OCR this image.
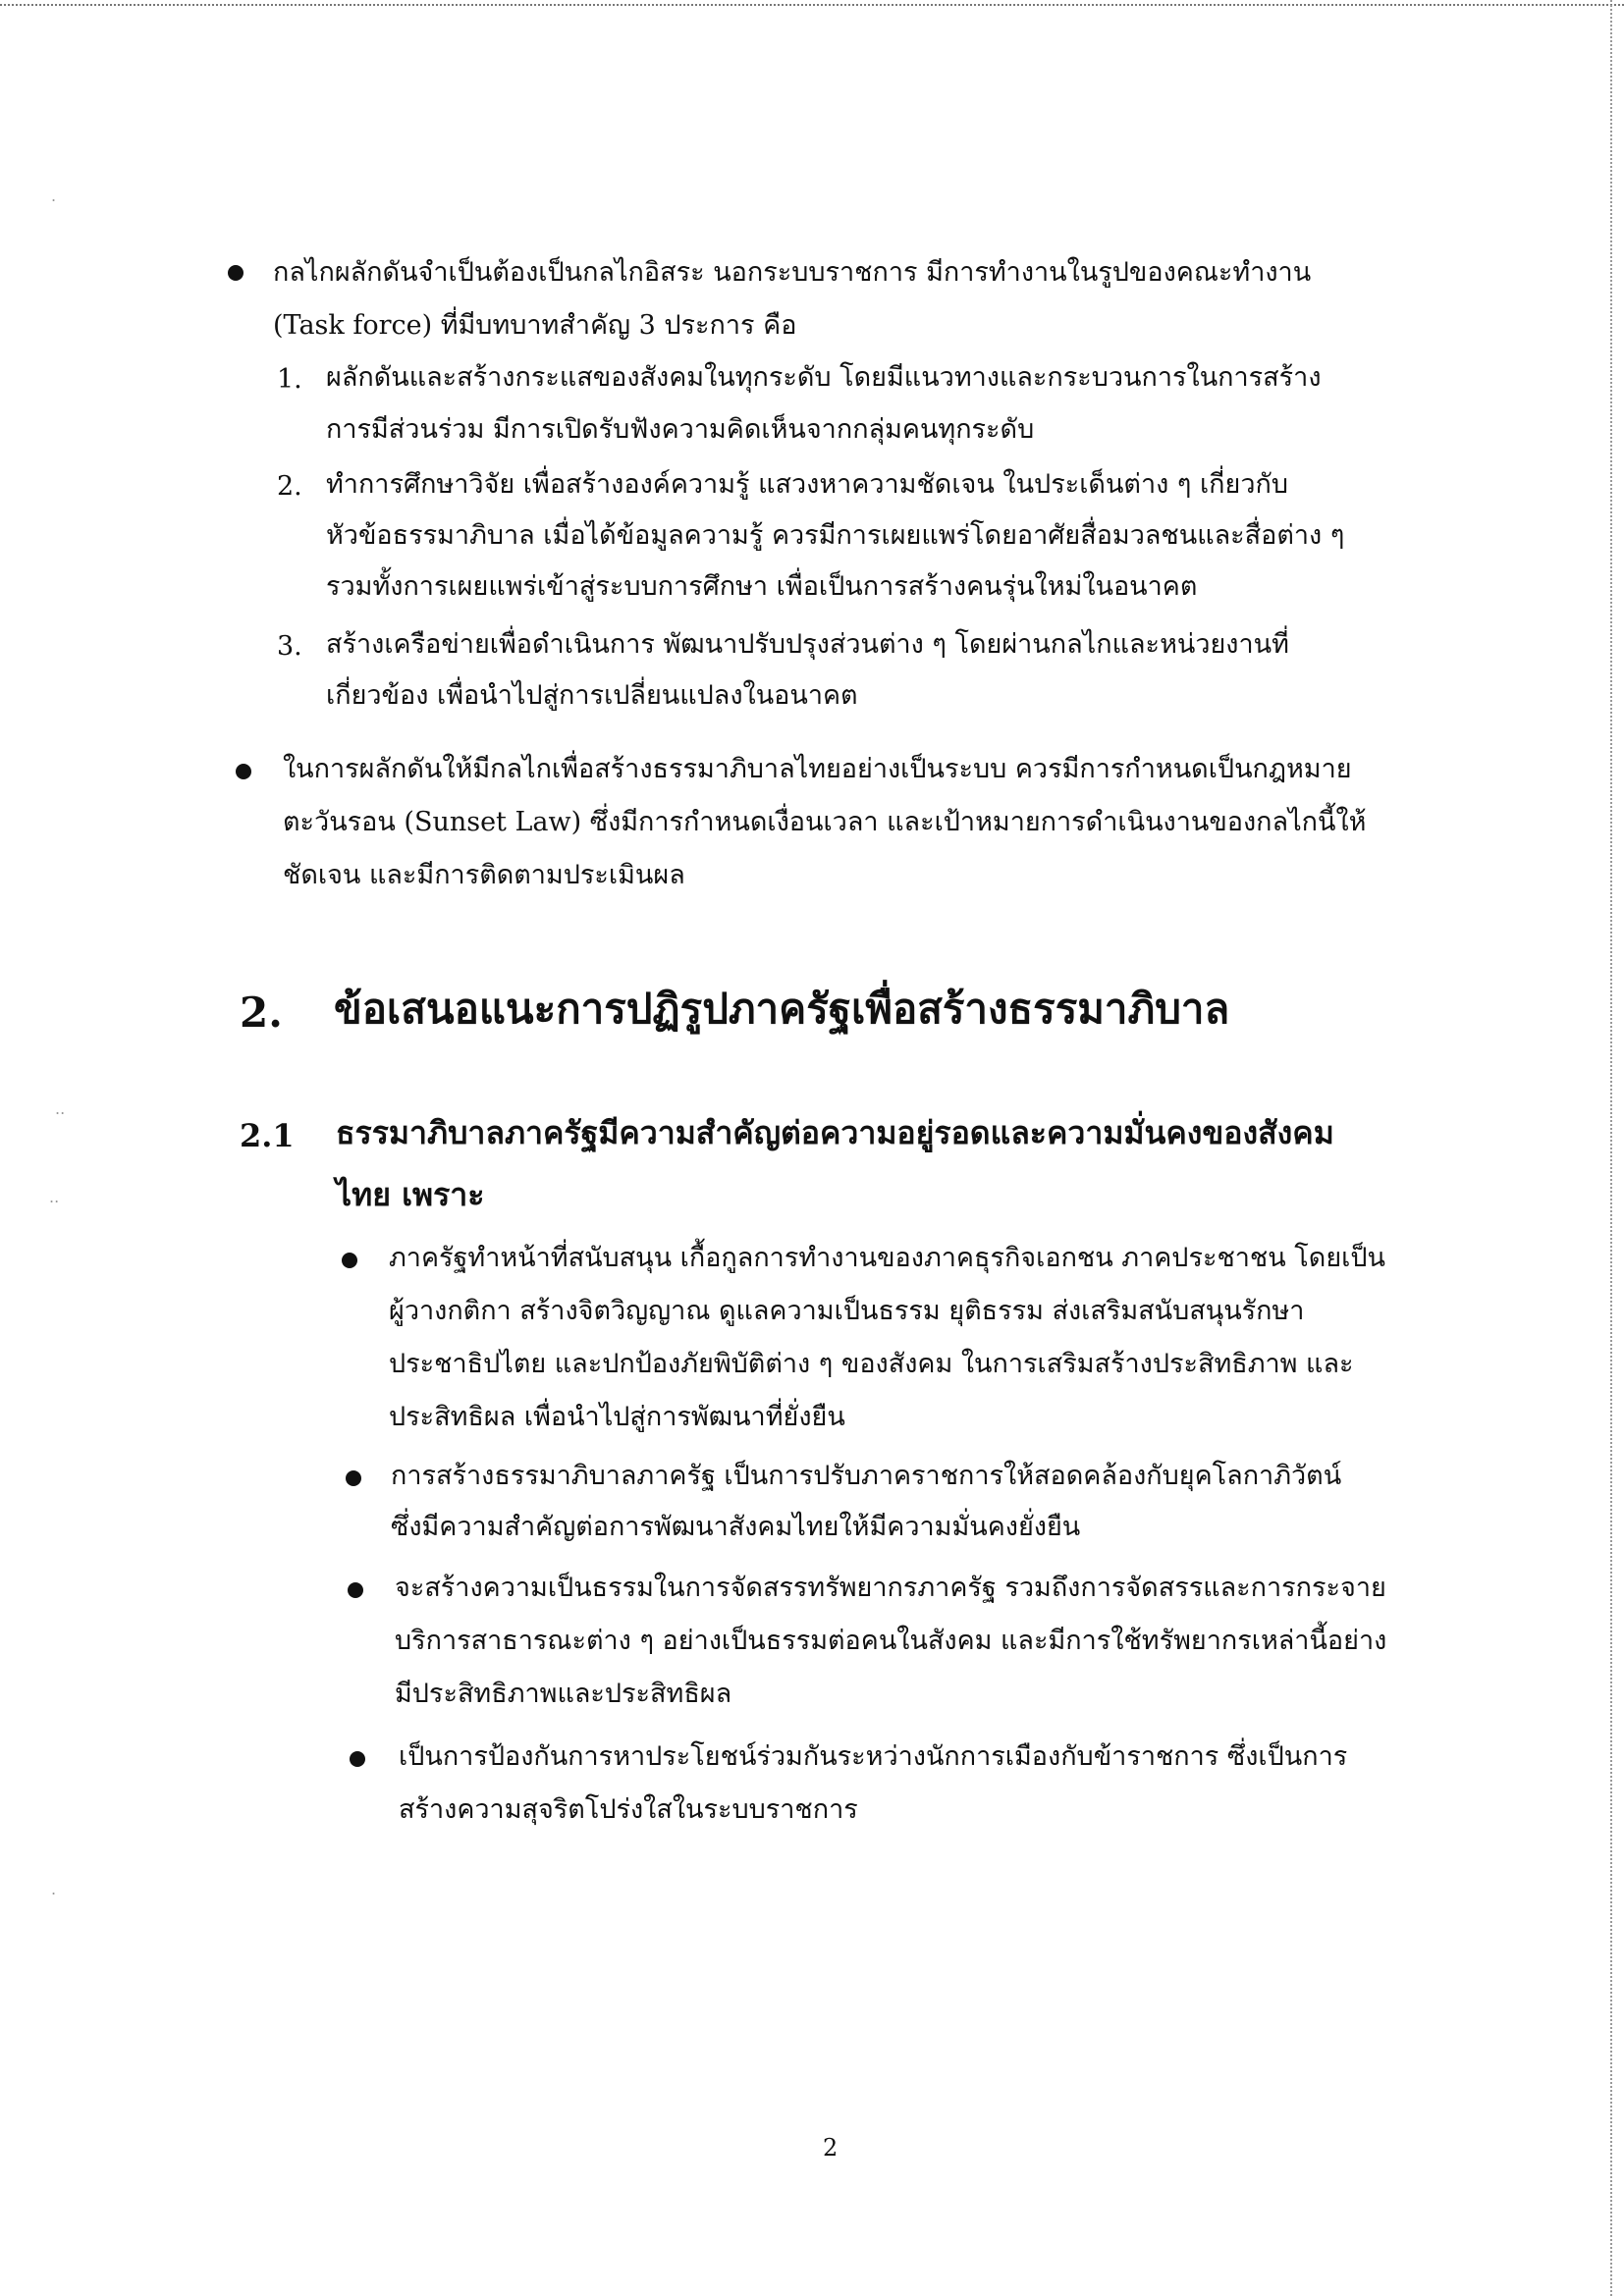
.
..
..
.
กลไกผลักดันจำเป็นต้องเป็นกลไกอิสระ นอกระบบราชการ มีการทำงานในรูปของคณะทำงาน
(Task force) ที่มีบทบาทสำคัญ 3 ประการ คือ
1. ผลักดันและสร้างกระแสของสังคมในทุกระดับ โดยมีแนวทางและกระบวนการในการสร้าง
การมีส่วนร่วม มีการเปิดรับฟังความคิดเห็นจากกลุ่มคนทุกระดับ
2. ทำการศึกษาวิจัย เพื่อสร้างองค์ความรู้ แสวงหาความชัดเจน ในประเด็นต่าง ๆ เกี่ยวกับ
หัวข้อธรรมาภิบาล เมื่อได้ข้อมูลความรู้ ควรมีการเผยแพร่โดยอาศัยสื่อมวลชนและสื่อต่าง ๆ
รวมทั้งการเผยแพร่เข้าสู่ระบบการศึกษา เพื่อเป็นการสร้างคนรุ่นใหม่ในอนาคต
3. สร้างเครือข่ายเพื่อดำเนินการ พัฒนาปรับปรุงส่วนต่าง ๆ โดยผ่านกลไกและหน่วยงานที่
เกี่ยวข้อง เพื่อนำไปสู่การเปลี่ยนแปลงในอนาคต
ในการผลักดันให้มีกลไกเพื่อสร้างธรรมาภิบาลไทยอย่างเป็นระบบ ควรมีการกำหนดเป็นกฎหมาย
ตะวันรอน (Sunset Law) ซึ่งมีการกำหนดเงื่อนเวลา และเป้าหมายการดำเนินงานของกลไกนี้ให้
ชัดเจน และมีการติดตามประเมินผล
2. ข้อเสนอแนะการปฏิรูปภาครัฐเพื่อสร้างธรรมาภิบาล
2.1 ธรรมาภิบาลภาครัฐมีความสำคัญต่อความอยู่รอดและความมั่นคงของสังคม
ไทย เพราะ
ภาครัฐทำหน้าที่สนับสนุน เกื้อกูลการทำงานของภาคธุรกิจเอกชน ภาคประชาชน โดยเป็น
ผู้วางกติกา สร้างจิตวิญญาณ ดูแลความเป็นธรรม ยุติธรรม ส่งเสริมสนับสนุนรักษา
ประชาธิปไตย และปกป้องภัยพิบัติต่าง ๆ ของสังคม ในการเสริมสร้างประสิทธิภาพ และ
ประสิทธิผล เพื่อนำไปสู่การพัฒนาที่ยั่งยืน
การสร้างธรรมาภิบาลภาครัฐ เป็นการปรับภาคราชการให้สอดคล้องกับยุคโลกาภิวัตน์
ซึ่งมีความสำคัญต่อการพัฒนาสังคมไทยให้มีความมั่นคงยั่งยืน
จะสร้างความเป็นธรรมในการจัดสรรทรัพยากรภาครัฐ รวมถึงการจัดสรรและการกระจาย
บริการสาธารณะต่าง ๆ อย่างเป็นธรรมต่อคนในสังคม และมีการใช้ทรัพยากรเหล่านี้อย่าง
มีประสิทธิภาพและประสิทธิผล
เป็นการป้องกันการหาประโยชน์ร่วมกันระหว่างนักการเมืองกับข้าราชการ ซึ่งเป็นการ
สร้างความสุจริตโปร่งใสในระบบราชการ
2
